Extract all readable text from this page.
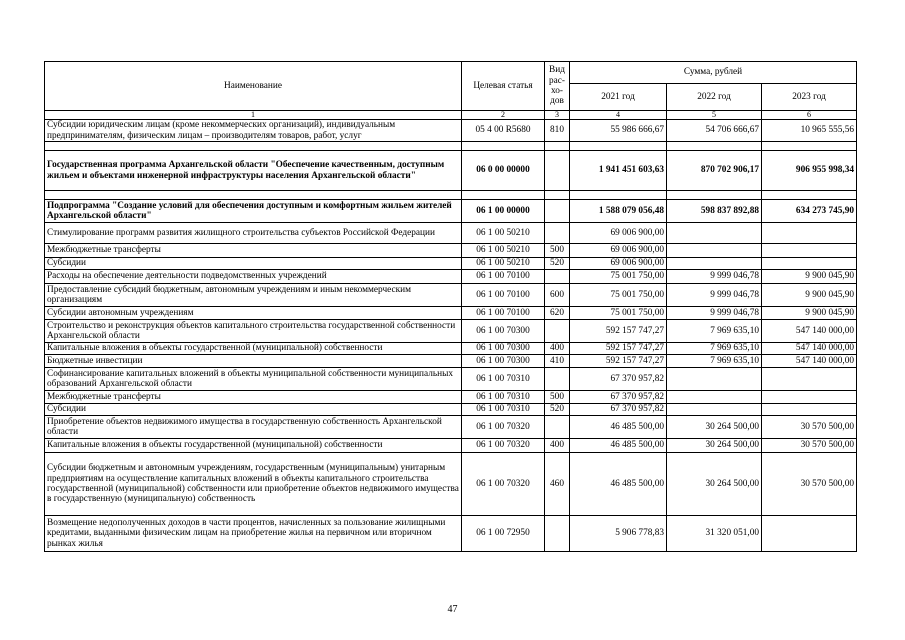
Наименование	Целевая статья	Вид рас- хо- дов	Сумма, рублей		
			2021 год	2022 год	2023 год
1	2	3	4	5	6
Субсидии юридическим лицам (кроме некоммерческих организаций), индивидуальным предпринимателям, физическим лицам – производителям товаров, работ, услуг	05 4 00 R5680	810	55 986 666,67	54 706 666,67	10 965 555,56

Государственная программа Архангельской области "Обеспечение качественным, доступным жильем и объектами инженерной инфраструктуры населения Архангельской области"	06 0 00 00000		1 941 451 603,63	870 702 906,17	906 955 998,34

Подпрограмма "Создание условий для обеспечения доступным и комфортным жильем жителей Архангельской области"	06 1 00 00000		1 588 079 056,48	598 837 892,88	634 273 745,90
Стимулирование программ развития жилищного строительства субъектов Российской Федерации	06 1 00 50210		69 006 900,00		
Межбюджетные трансферты	06 1 00 50210	500	69 006 900,00		
Субсидии	06 1 00 50210	520	69 006 900,00		
Расходы на обеспечение деятельности подведомственных учреждений	06 1 00 70100		75 001 750,00	9 999 046,78	9 900 045,90
Предоставление субсидий бюджетным, автономным учреждениям и иным некоммерческим организациям	06 1 00 70100	600	75 001 750,00	9 999 046,78	9 900 045,90
Субсидии автономным учреждениям	06 1 00 70100	620	75 001 750,00	9 999 046,78	9 900 045,90
Строительство и реконструкция объектов капитального строительства государственной собственности Архангельской области	06 1 00 70300		592 157 747,27	7 969 635,10	547 140 000,00
Капитальные вложения в объекты государственной (муниципальной) собственности	06 1 00 70300	400	592 157 747,27	7 969 635,10	547 140 000,00
Бюджетные инвестиции	06 1 00 70300	410	592 157 747,27	7 969 635,10	547 140 000,00
Софинансирование капитальных вложений в объекты муниципальной собственности муниципальных образований Архангельской области	06 1 00 70310		67 370 957,82		
Межбюджетные трансферты	06 1 00 70310	500	67 370 957,82		
Субсидии	06 1 00 70310	520	67 370 957,82		
Приобретение объектов недвижимого имущества в государственную собственность Архангельской области	06 1 00 70320		46 485 500,00	30 264 500,00	30 570 500,00
Капитальные вложения в объекты государственной (муниципальной) собственности	06 1 00 70320	400	46 485 500,00	30 264 500,00	30 570 500,00
Субсидии бюджетным и автономным учреждениям, государственным (муниципальным) унитарным предприятиям на осуществление капитальных вложений в объекты капитального строительства государственной (муниципальной) собственности или приобретение объектов недвижимого имущества в государственную (муниципальную) собственность	06 1 00 70320	460	46 485 500,00	30 264 500,00	30 570 500,00
Возмещение недополученных доходов в части процентов, начисленных за пользование жилищными кредитами, выданными физическим лицам на приобретение жилья на первичном или вторичном рынках жилья	06 1 00 72950		5 906 778,83	31 320 051,00	
47
